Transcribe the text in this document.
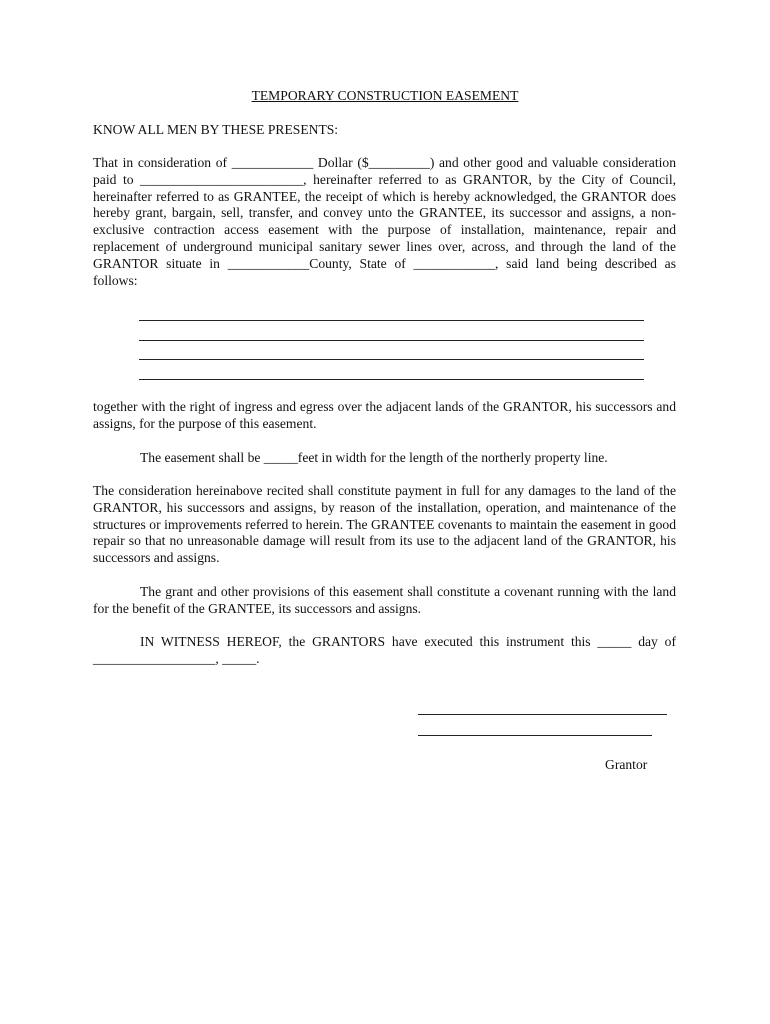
TEMPORARY CONSTRUCTION EASEMENT
KNOW ALL MEN BY THESE PRESENTS:
That in consideration of ____________ Dollar ($_________) and other good and valuable consideration paid to ________________________, hereinafter referred to as GRANTOR, by the City of Council, hereinafter referred to as GRANTEE, the receipt of which is hereby acknowledged, the GRANTOR does hereby grant, bargain, sell, transfer, and convey unto the GRANTEE, its successor and assigns, a non-exclusive contraction access easement with the purpose of installation, maintenance, repair and replacement of underground municipal sanitary sewer lines over, across, and through the land of the GRANTOR situate in ____________County, State of ____________, said land being described as follows:
together with the right of ingress and egress over the adjacent lands of the GRANTOR, his successors and assigns, for the purpose of this easement.
The easement shall be _____feet in width for the length of the northerly property line.
The consideration hereinabove recited shall constitute payment in full for any damages to the land of the GRANTOR, his successors and assigns, by reason of the installation, operation, and maintenance of the structures or improvements referred to herein. The GRANTEE covenants to maintain the easement in good repair so that no unreasonable damage will result from its use to the adjacent land of the GRANTOR, his successors and assigns.
The grant and other provisions of this easement shall constitute a covenant running with the land for the benefit of the GRANTEE, its successors and assigns.
IN WITNESS HEREOF, the GRANTORS have executed this instrument this _____ day of __________________, _____.
Grantor
